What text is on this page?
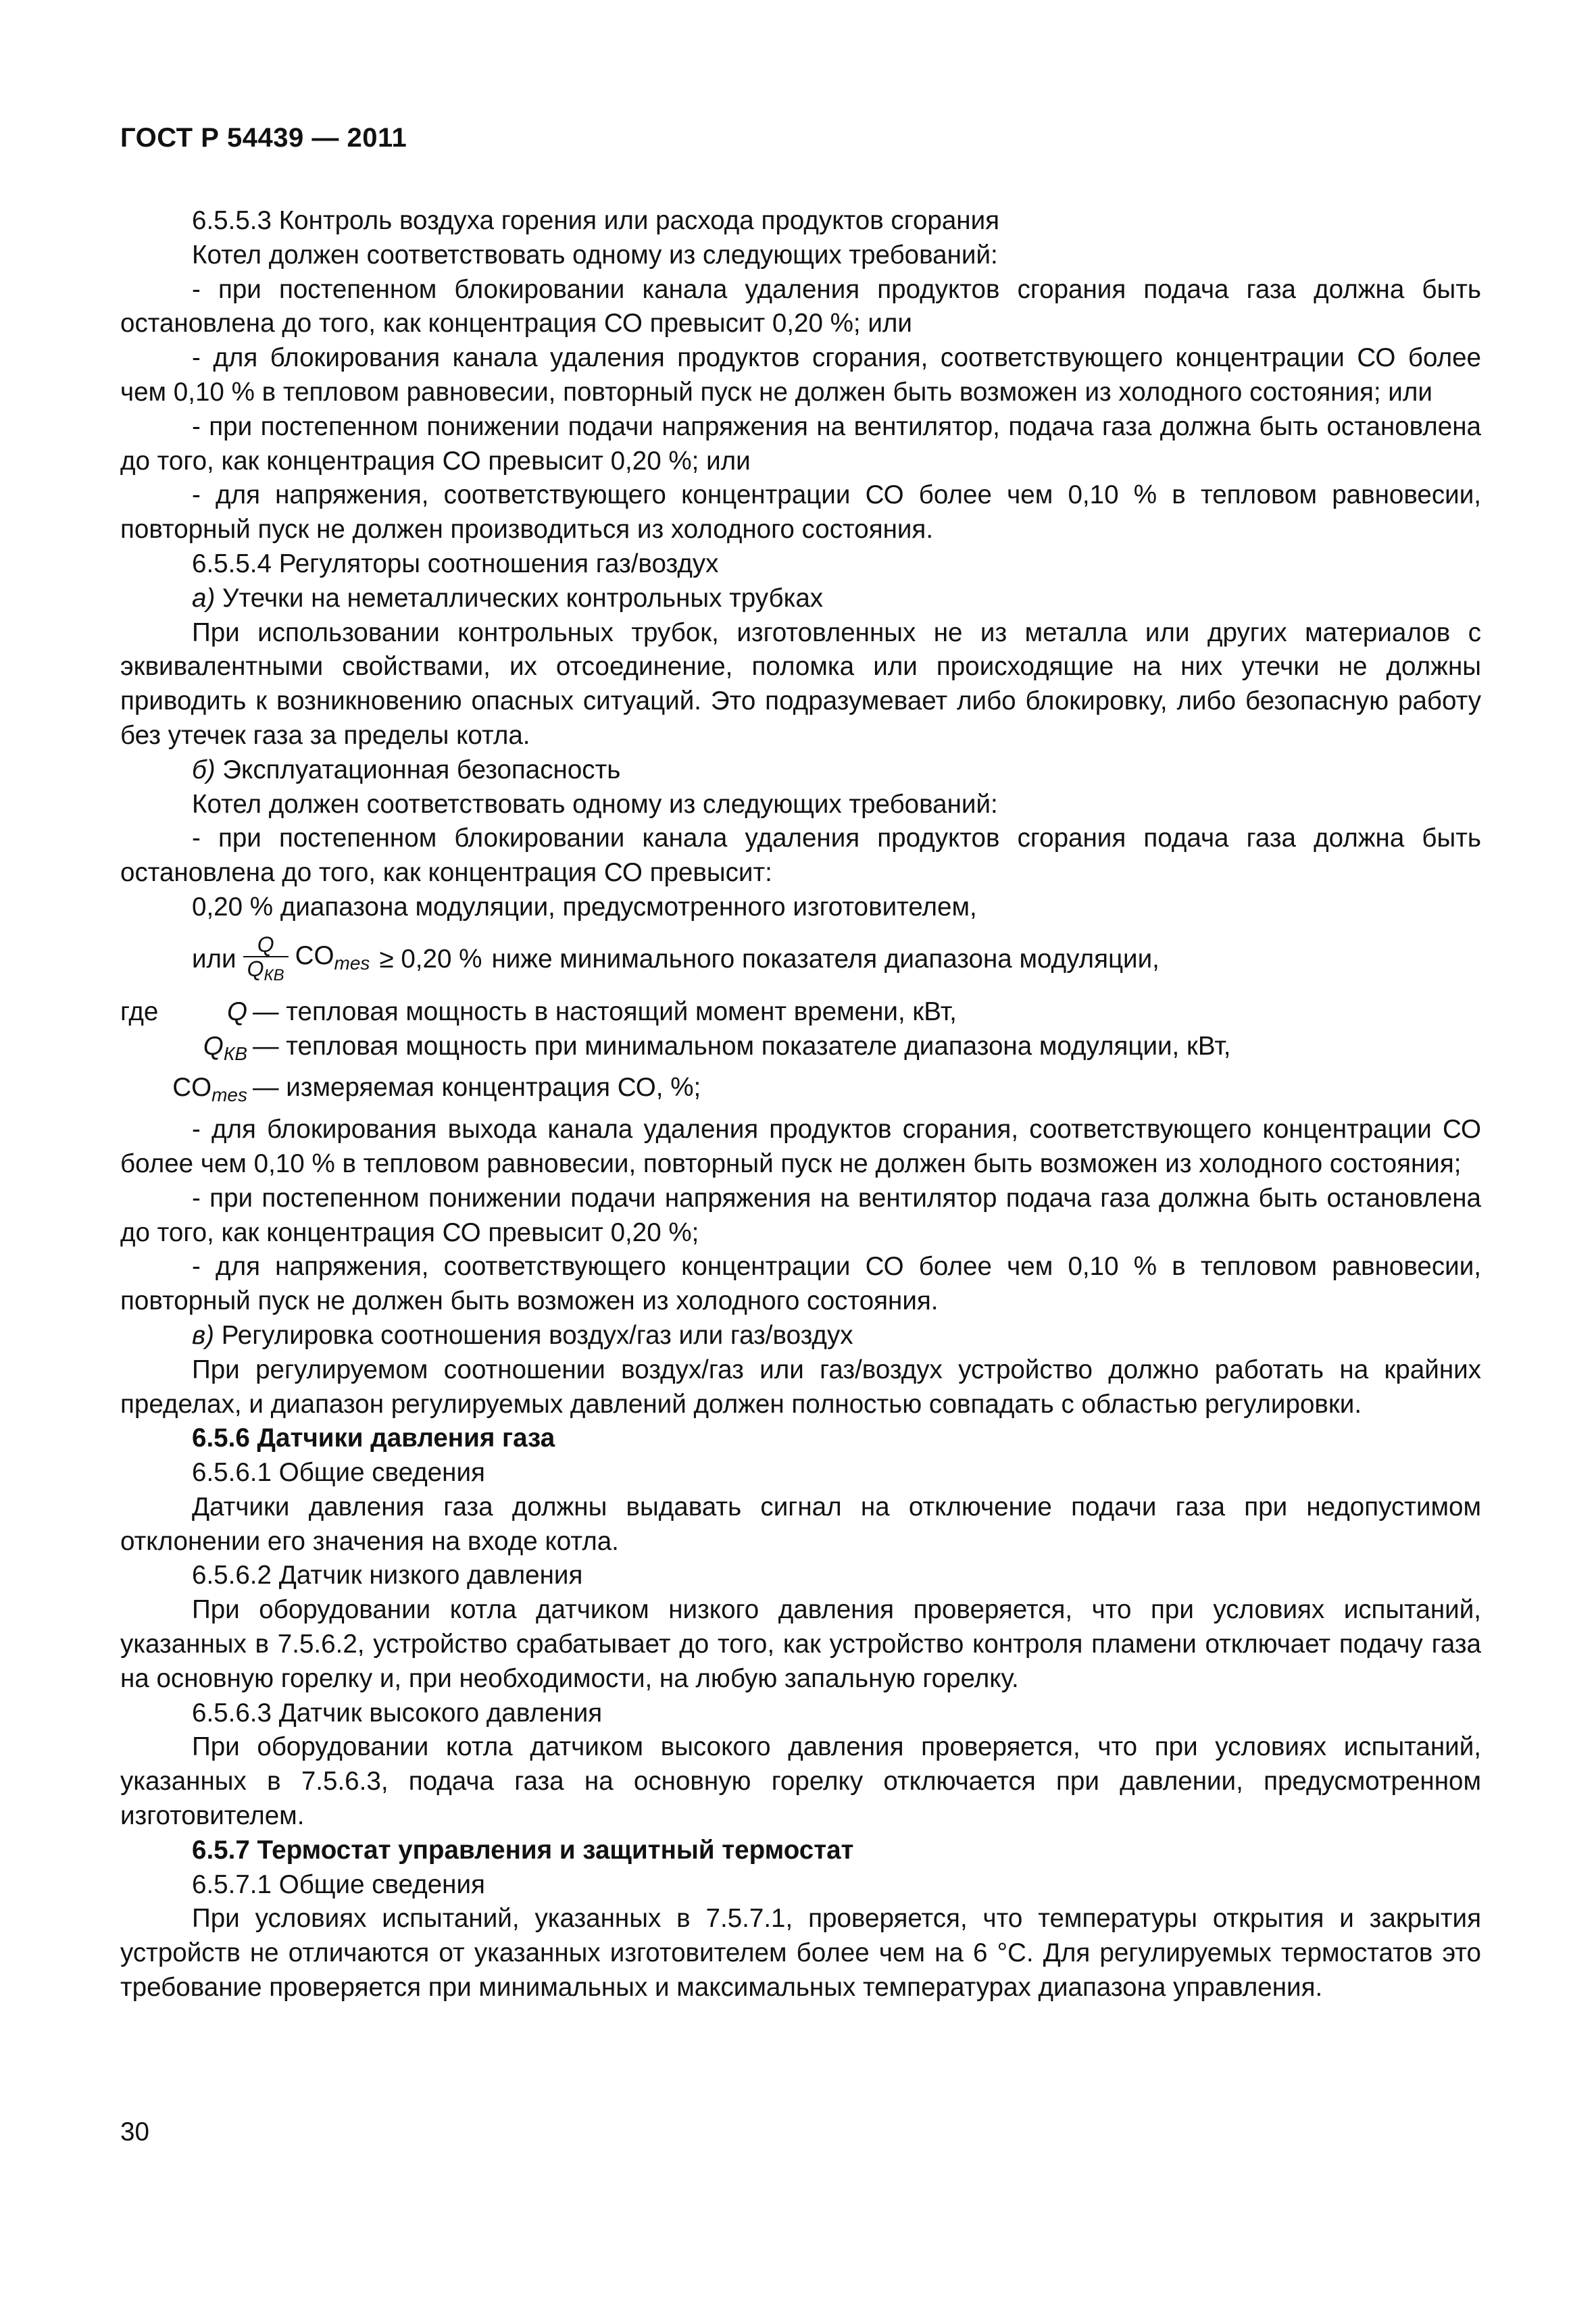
ГОСТ Р 54439 — 2011

6.5.5.3 Контроль воздуха горения или расхода продуктов сгорания

Котел должен соответствовать одному из следующих требований:

- при постепенном блокировании канала удаления продуктов сгорания подача газа должна быть остановлена до того, как концентрация СО превысит 0,20 %; или

- для блокирования канала удаления продуктов сгорания, соответствующего концентрации СО более чем 0,10 % в тепловом равновесии, повторный пуск не должен быть возможен из холодного состояния; или

- при постепенном понижении подачи напряжения на вентилятор, подача газа должна быть остановлена до того, как концентрация СО превысит 0,20 %; или

- для напряжения, соответствующего концентрации СО более чем 0,10 % в тепловом равновесии, повторный пуск не должен производиться из холодного состояния.

6.5.5.4 Регуляторы соотношения газ/воздух

а) Утечки на неметаллических контрольных трубках

При использовании контрольных трубок, изготовленных не из металла или других материалов с эквивалентными свойствами, их отсоединение, поломка или происходящие на них утечки не должны приводить к возникновению опасных ситуаций. Это подразумевает либо блокировку, либо безопасную работу без утечек газа за пределы котла.

б) Эксплуатационная безопасность

Котел должен соответствовать одному из следующих требований:

- при постепенном блокировании канала удаления продуктов сгорания подача газа должна быть остановлена до того, как концентрация СО превысит:

0,20 % диапазона модуляции, предусмотренного изготовителем,

или $\frac{Q}{Q_{КВ}} CO_{mes} \ge 0,20$ % ниже минимального показателя диапазона модуляции,
где	Q — тепловая мощность в настоящий момент времени, кВт,
$Q_{КВ}$ — тепловая мощность при минимальном показателе диапазона модуляции, кВт,
$CO_{mes}$ — измеряемая концентрация СО, %;

- для блокирования выхода канала удаления продуктов сгорания, соответствующего концентрации СО более чем 0,10 % в тепловом равновесии, повторный пуск не должен быть возможен из холодного состояния;

- при постепенном понижении подачи напряжения на вентилятор подача газа должна быть остановлена до того, как концентрация СО превысит 0,20 %;

- для напряжения, соответствующего концентрации СО более чем 0,10 % в тепловом равновесии, повторный пуск не должен быть возможен из холодного состояния.

в) Регулировка соотношения воздух/газ или газ/воздух

При регулируемом соотношении воздух/газ или газ/воздух устройство должно работать на крайних пределах, и диапазон регулируемых давлений должен полностью совпадать с областью регулировки.

6.5.6 Датчики давления газа

6.5.6.1 Общие сведения

Датчики давления газа должны выдавать сигнал на отключение подачи газа при недопустимом отклонении его значения на входе котла.

6.5.6.2 Датчик низкого давления

При оборудовании котла датчиком низкого давления проверяется, что при условиях испытаний, указанных в 7.5.6.2, устройство срабатывает до того, как устройство контроля пламени отключает подачу газа на основную горелку и, при необходимости, на любую запальную горелку.

6.5.6.3 Датчик высокого давления

При оборудовании котла датчиком высокого давления проверяется, что при условиях испытаний, указанных в 7.5.6.3, подача газа на основную горелку отключается при давлении, предусмотренном изготовителем.

6.5.7 Термостат управления и защитный термостат

6.5.7.1 Общие сведения

При условиях испытаний, указанных в 7.5.7.1, проверяется, что температуры открытия и закрытия устройств не отличаются от указанных изготовителем более чем на 6 °С. Для регулируемых термостатов это требование проверяется при минимальных и максимальных температурах диапазона управления.

30
